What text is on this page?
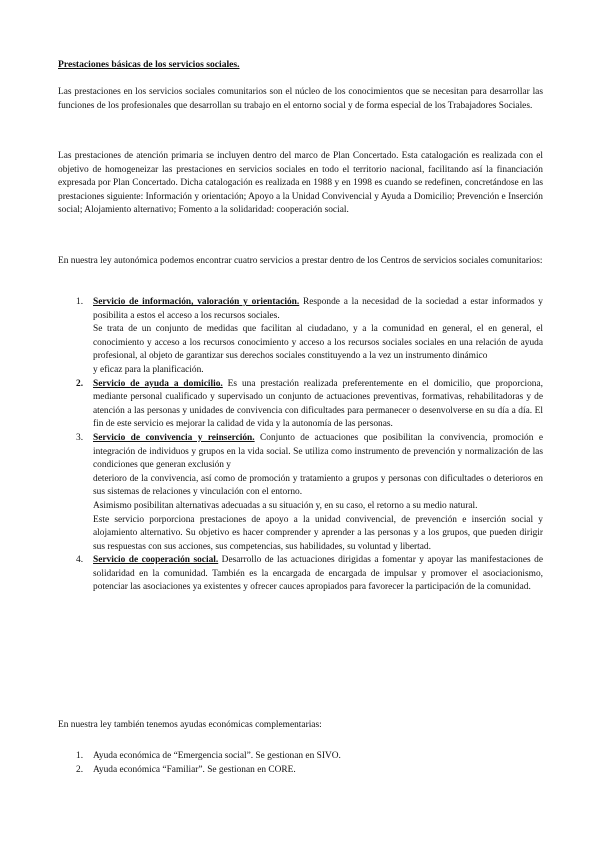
Prestaciones básicas de los servicios sociales.

Las prestaciones en los servicios sociales comunitarios son el núcleo de los conocimientos que se necesitan para desarrollar las funciones de los profesionales que desarrollan su trabajo en el entorno social y de forma especial de los Trabajadores Sociales.

Las prestaciones de atención primaria se incluyen dentro del marco de Plan Concertado. Esta catalogación es realizada con el objetivo de homogeneizar las prestaciones en servicios sociales en todo el territorio nacional, facilitando así la financiación expresada por Plan Concertado. Dicha catalogación es realizada en 1988 y en 1998 es cuando se redefinen, concretándose en las prestaciones siguiente: Información y orientación; Apoyo a la Unidad Convivencial y Ayuda a Domicilio; Prevención e Inserción social; Alojamiento alternativo; Fomento a la solidaridad: cooperación social.

En nuestra ley autonómica podemos encontrar cuatro servicios a prestar dentro de los Centros de servicios sociales comunitarios:

1. Servicio de información, valoración y orientación. Responde a la necesidad de la sociedad a estar informados y posibilita a estos el acceso a los recursos sociales.
Se trata de un conjunto de medidas que facilitan al ciudadano, y a la comunidad en general, el en general, el conocimiento y acceso a los recursos conocimiento y acceso a los recursos sociales sociales en una relación de ayuda profesional, al objeto de garantizar sus derechos sociales constituyendo a la vez un instrumento dinámico
y eficaz para la planificación.
2. Servicio de ayuda a domicilio. Es una prestación realizada preferentemente en el domicilio, que proporciona, mediante personal cualificado y supervisado un conjunto de actuaciones preventivas, formativas, rehabilitadoras y de atención a las personas y unidades de convivencia con dificultades para permanecer o desenvolverse en su día a día. El fin de este servicio es mejorar la calidad de vida y la autonomía de las personas.
3. Servicio de convivencia y reinserción. Conjunto de actuaciones que posibilitan la convivencia, promoción e integración de individuos y grupos en la vida social. Se utiliza como instrumento de prevención y normalización de las condiciones que generan exclusión y
deterioro de la convivencia, así como de promoción y tratamiento a grupos y personas con dificultades o deterioros en sus sistemas de relaciones y vinculación con el entorno.
Asimismo posibilitan alternativas adecuadas a su situación y, en su caso, el retorno a su medio natural.
Este servicio porporciona prestaciones de apoyo a la unidad convivencial, de prevención e inserción social y alojamiento alternativo. Su objetivo es hacer comprender y aprender a las personas y a los grupos, que pueden dirigir sus respuestas con sus acciones, sus competencias, sus habilidades, su voluntad y libertad.
4. Servicio de cooperación social. Desarrollo de las actuaciones dirigidas a fomentar y apoyar las manifestaciones de solidaridad en la comunidad. También es la encargada de encargada de impulsar y promover el asociacionismo, potenciar las asociaciones ya existentes y ofrecer cauces apropiados para favorecer la participación de la comunidad.

En nuestra ley también tenemos ayudas económicas complementarias:

1. Ayuda económica de “Emergencia social”. Se gestionan en SIVO.
2. Ayuda económica “Familiar”. Se gestionan en CORE.
